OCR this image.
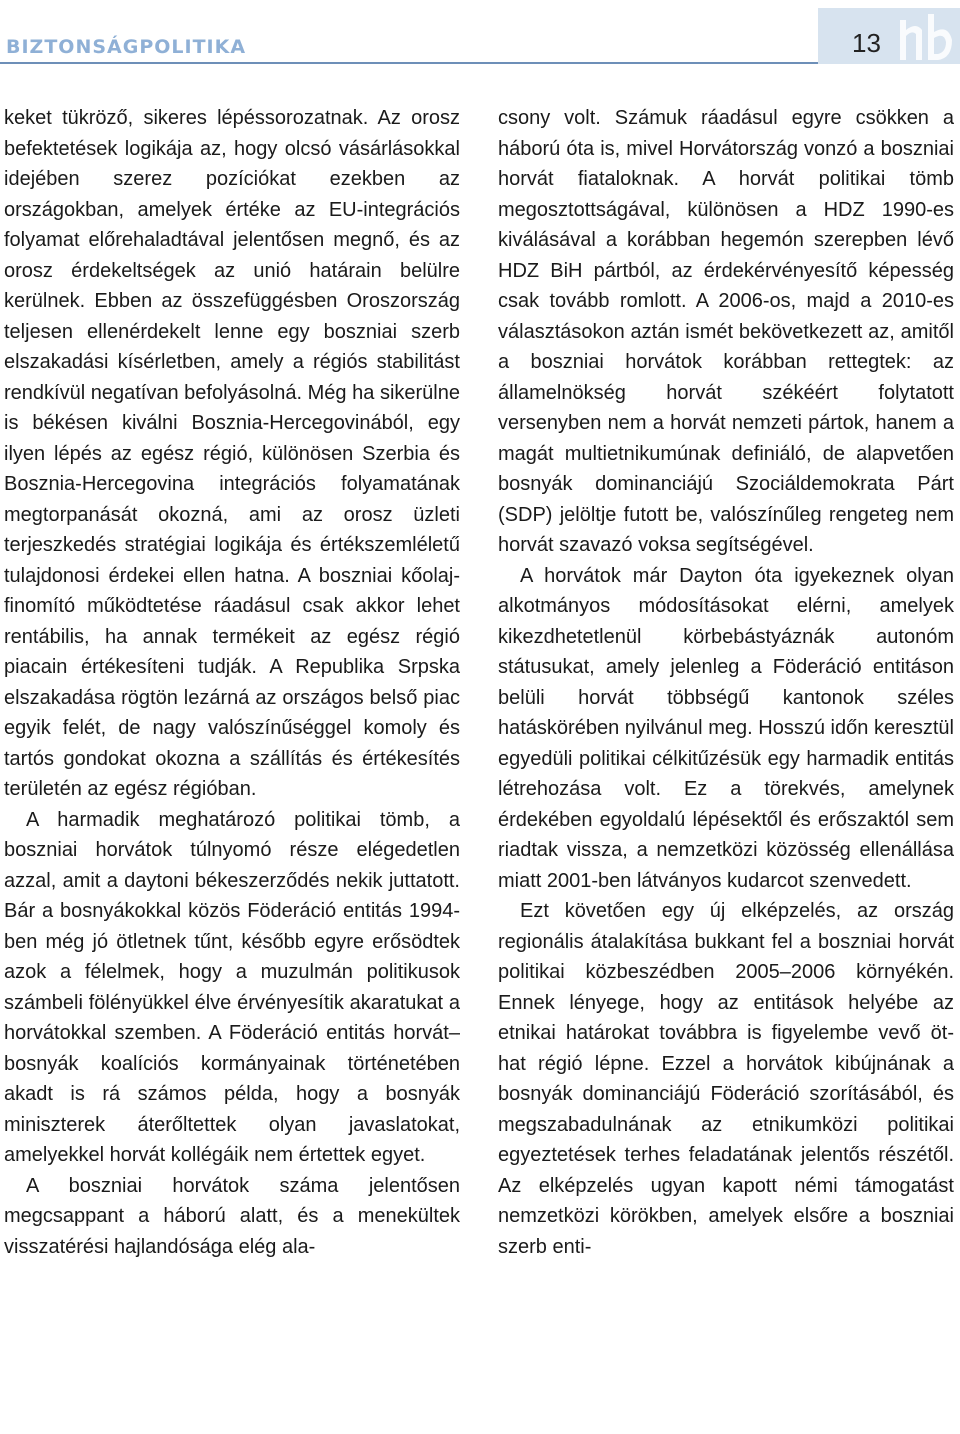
BIZTONSÁGPOLITIKA	13

keket tükröző, sikeres lépéssorozatnak. Az orosz befektetések logikája az, hogy olcsó vásárlásokkal idejében szerez pozíciókat ezekben az országokban, amelyek értéke az EU-integrációs folyamat előrehaladtával jelentősen megnő, és az orosz érdekeltségek az unió határain belülre kerülnek. Ebben az összefüggésben Oroszország teljesen ellenérdekelt lenne egy boszniai szerb elszakadási kísérletben, amely a régiós stabilitást rendkívül negatívan befolyásolná. Még ha sikerülne is békésen kiválni Bosznia-Hercegovinából, egy ilyen lépés az egész régió, különösen Szerbia és Bosznia-Hercegovina integrációs folyamatának megtorpanását okozná, ami az orosz üzleti terjeszkedés stratégiai logikája és értékszemléletű tulajdonosi érdekei ellen hatna. A boszniai kőolaj-finomító működtetése ráadásul csak akkor lehet rentábilis, ha annak termékeit az egész régió piacain értékesíteni tudják. A Republika Srpska elszakadása rögtön lezárná az országos belső piac egyik felét, de nagy valószínűséggel komoly és tartós gondokat okozna a szállítás és értékesítés területén az egész régióban.

A harmadik meghatározó politikai tömb, a boszniai horvátok túlnyomó része elégedetlen azzal, amit a daytoni békeszerződés nekik juttatott. Bár a bosnyákokkal közös Föderáció entitás 1994-ben még jó ötletnek tűnt, később egyre erősödtek azok a félelmek, hogy a muzulmán politikusok számbeli fölényükkel élve érvényesítik akaratukat a horvátokkal szemben. A Föderáció entitás horvát–bosnyák koalíciós kormányainak történetében akadt is rá számos példa, hogy a bosnyák miniszterek áterőltettek olyan javaslatokat, amelyekkel horvát kollégáik nem értettek egyet.

A boszniai horvátok száma jelentősen megcsappant a háború alatt, és a menekültek visszatérési hajlandósága elég ala-

csony volt. Számuk ráadásul egyre csökken a háború óta is, mivel Horvátország vonzó a boszniai horvát fiataloknak. A horvát politikai tömb megosztottságával, különösen a HDZ 1990-es kiválásával a korábban hegemón szerepben lévő HDZ BiH pártból, az érdekérvényesítő képesség csak tovább romlott. A 2006-os, majd a 2010-es választásokon aztán ismét bekövetkezett az, amitől a boszniai horvátok korábban rettegtek: az államelnökség horvát székéért folytatott versenyben nem a horvát nemzeti pártok, hanem a magát multietnikumúnak definiáló, de alapvetően bosnyák dominanciájú Szociáldemokrata Párt (SDP) jelöltje futott be, valószínűleg rengeteg nem horvát szavazó voksa segítségével.

A horvátok már Dayton óta igyekeznek olyan alkotmányos módosításokat elérni, amelyek kikezdhetetlenül körbebástyáznák autonóm státusukat, amely jelenleg a Föderáció entitáson belüli horvát többségű kantonok széles hatáskörében nyilvánul meg. Hosszú időn keresztül egyedüli politikai célkitűzésük egy harmadik entitás létrehozása volt. Ez a törekvés, amelynek érdekében egyoldalú lépésektől és erőszaktól sem riadtak vissza, a nemzetközi közösség ellenállása miatt 2001-ben látványos kudarcot szenvedett.

Ezt követően egy új elképzelés, az ország regionális átalakítása bukkant fel a boszniai horvát politikai közbeszédben 2005–2006 környékén. Ennek lényege, hogy az entitások helyébe az etnikai határokat továbbra is figyelembe vevő öt-hat régió lépne. Ezzel a horvátok kibújnának a bosnyák dominanciájú Föderáció szorításából, és megszabadulnának az etnikumközi politikai egyeztetések terhes feladatának jelentős részétől. Az elképzelés ugyan kapott némi támogatást nemzetközi körökben, amelyek elsőre a boszniai szerb enti-
